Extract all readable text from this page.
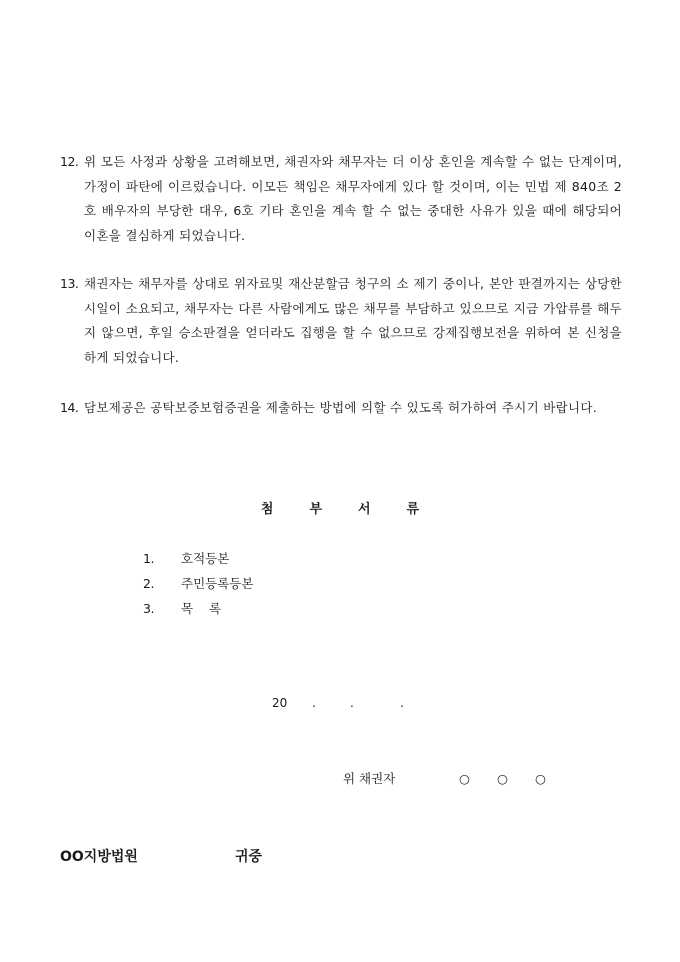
12. 위 모든 사정과 상황을 고려해보면, 채권자와 채무자는 더 이상 혼인을 계속할 수 없는 단계이며, 가정이 파탄에 이르렀습니다. 이모든 책임은 채무자에게 있다 할 것이며, 이는 민법 제 840조 2호 배우자의 부당한 대우, 6호 기타 혼인을 계속 할 수 없는 중대한 사유가 있을 때에 해당되어 이혼을 결심하게 되었습니다.
13. 채권자는 채무자를 상대로 위자료및 재산분할금 청구의 소 제기 중이나, 본안 판결까지는 상당한 시일이 소요되고, 채무자는 다른 사람에게도 많은 채무를 부담하고 있으므로 지금 가압류를 해두지 않으면, 후일 승소판결을 얻더라도 집행을 할 수 없으므로 강제집행보전을 위하여 본 신청을 하게 되었습니다.
14. 담보제공은 공탁보증보험증권을 제출하는 방법에 의할 수 있도록 허가하여 주시기 바랍니다.
첨	부	서	류
1. 호적등본
2. 주민등록등본
3. 목    록

20 .	.	.

위 채권자	○ ○ ○

OO지방법원	귀중
